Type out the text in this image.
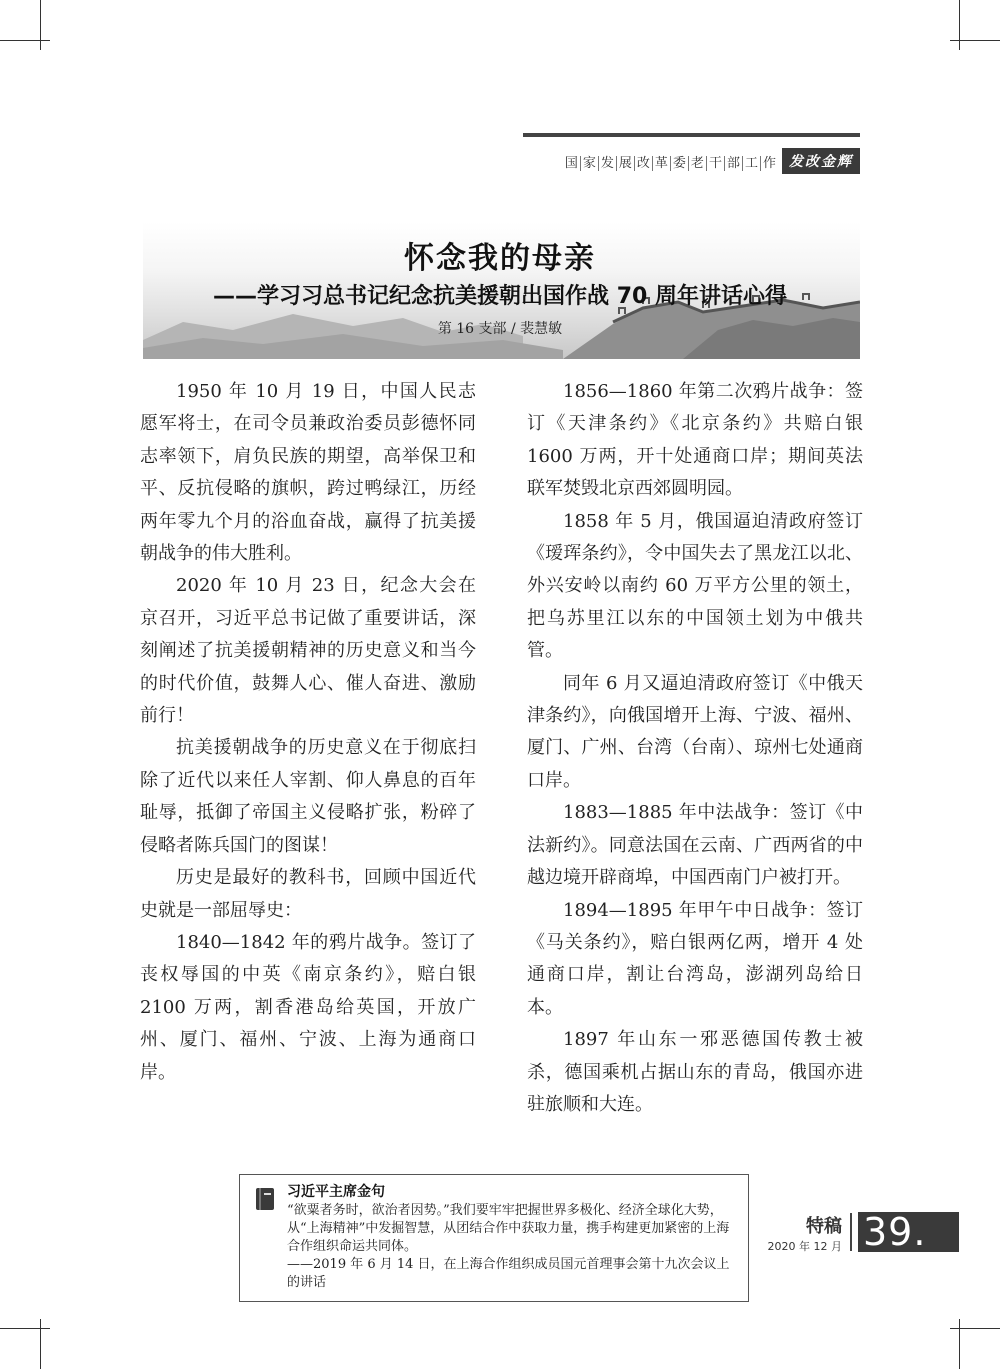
国 家 发 展 改 革 委 老 干 部 工 作 发改金辉
怀念我的母亲
——学习习总书记纪念抗美援朝出国作战 70 周年讲话心得
第 16 支部 / 裴慧敏

1950 年 10 月 19 日，中国人民志愿军将士，在司令员兼政治委员彭德怀同志率领下，肩负民族的期望，高举保卫和平、反抗侵略的旗帜，跨过鸭绿江，历经两年零九个月的浴血奋战，赢得了抗美援朝战争的伟大胜利。

2020 年 10 月 23 日，纪念大会在京召开，习近平总书记做了重要讲话，深刻阐述了抗美援朝精神的历史意义和当今的时代价值，鼓舞人心、催人奋进、激励前行！

抗美援朝战争的历史意义在于彻底扫除了近代以来任人宰割、仰人鼻息的百年耻辱，抵御了帝国主义侵略扩张，粉碎了侵略者陈兵国门的图谋！

历史是最好的教科书，回顾中国近代史就是一部屈辱史：

1840—1842 年的鸦片战争。签订了丧权辱国的中英《南京条约》，赔白银 2100 万两，割香港岛给英国，开放广州、厦门、福州、宁波、上海为通商口岸。

1856—1860 年第二次鸦片战争：签订《天津条约》《北京条约》共赔白银 1600 万两，开十处通商口岸；期间英法联军焚毁北京西郊圆明园。

1858 年 5 月，俄国逼迫清政府签订《瑷珲条约》，令中国失去了黑龙江以北、外兴安岭以南约 60 万平方公里的领土，把乌苏里江以东的中国领土划为中俄共管。

同年 6 月又逼迫清政府签订《中俄天津条约》，向俄国增开上海、宁波、福州、厦门、广州、台湾（台南）、琼州七处通商口岸。

1883—1885 年中法战争：签订《中法新约》。同意法国在云南、广西两省的中越边境开辟商埠，中国西南门户被打开。

1894—1895 年甲午中日战争：签订《马关条约》，赔白银两亿两，增开 4 处通商口岸，割让台湾岛，澎湖列岛给日本。

1897 年山东一邪恶德国传教士被杀，德国乘机占据山东的青岛，俄国亦进驻旅顺和大连。

习近平主席金句
“欲粟者务时，欲治者因势。”我们要牢牢把握世界多极化、经济全球化大势，从“上海精神”中发掘智慧，从团结合作中获取力量，携手构建更加紧密的上海合作组织命运共同体。
——2019 年 6 月 14 日，在上海合作组织成员国元首理事会第十九次会议上的讲话
特稿
2020 年 12 月 39.
